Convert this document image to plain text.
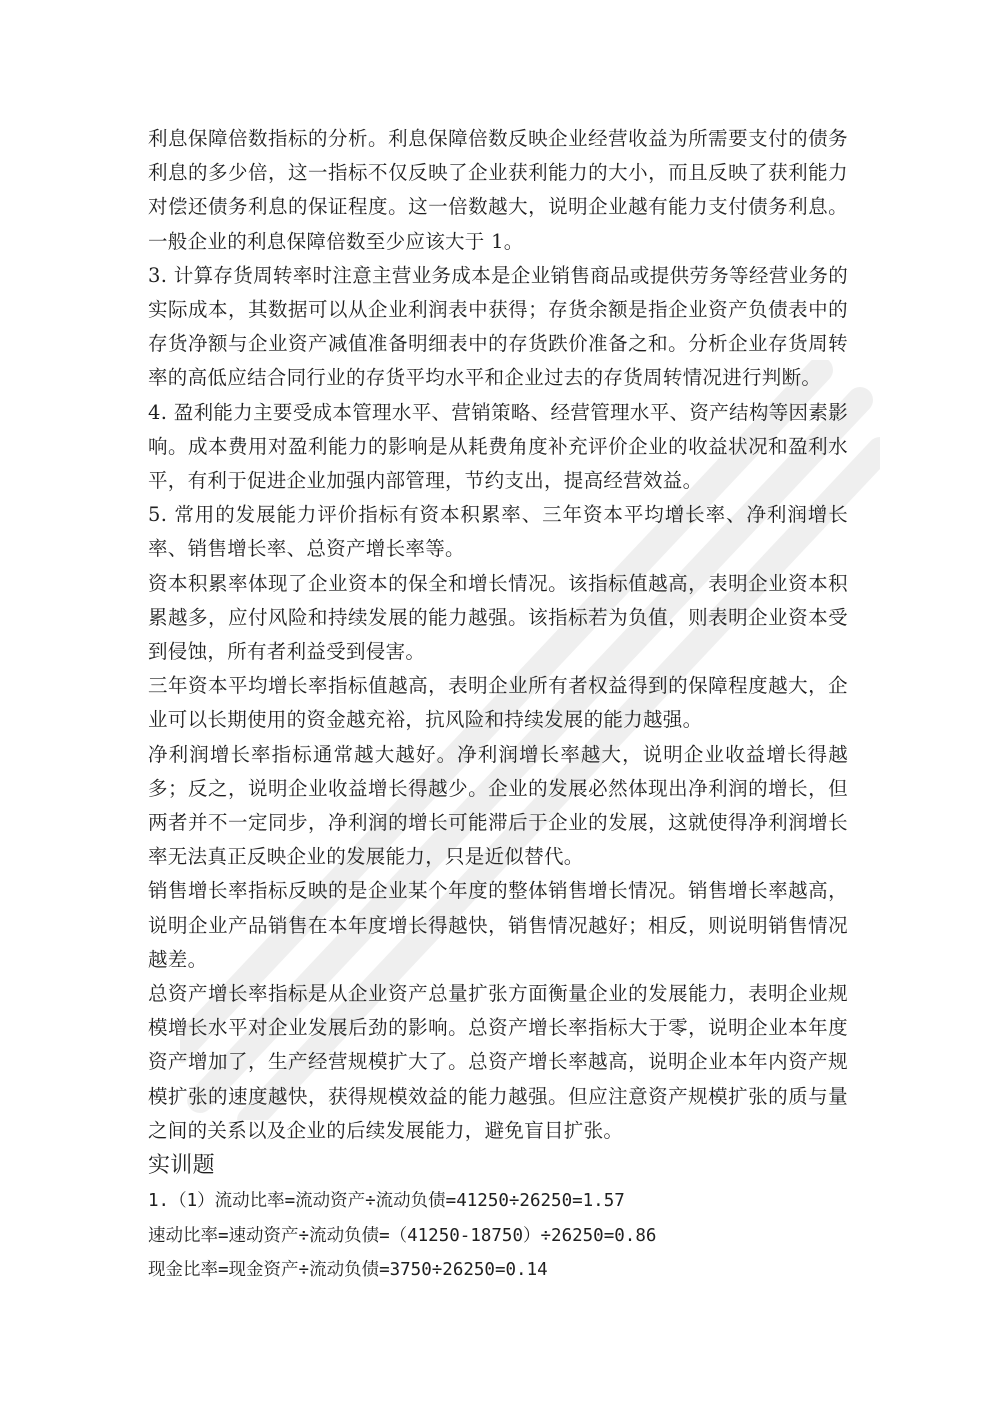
利息保障倍数指标的分析。利息保障倍数反映企业经营收益为所需要支付的债务利息的多少倍，这一指标不仅反映了企业获利能力的大小，而且反映了获利能力对偿还债务利息的保证程度。这一倍数越大，说明企业越有能力支付债务利息。一般企业的利息保障倍数至少应该大于 1。

3. 计算存货周转率时注意主营业务成本是企业销售商品或提供劳务等经营业务的实际成本，其数据可以从企业利润表中获得；存货余额是指企业资产负债表中的存货净额与企业资产减值准备明细表中的存货跌价准备之和。分析企业存货周转率的高低应结合同行业的存货平均水平和企业过去的存货周转情况进行判断。

4. 盈利能力主要受成本管理水平、营销策略、经营管理水平、资产结构等因素影响。成本费用对盈利能力的影响是从耗费角度补充评价企业的收益状况和盈利水平，有利于促进企业加强内部管理，节约支出，提高经营效益。

5. 常用的发展能力评价指标有资本积累率、三年资本平均增长率、净利润增长率、销售增长率、总资产增长率等。

资本积累率体现了企业资本的保全和增长情况。该指标值越高，表明企业资本积累越多，应付风险和持续发展的能力越强。该指标若为负值，则表明企业资本受到侵蚀，所有者利益受到侵害。

三年资本平均增长率指标值越高，表明企业所有者权益得到的保障程度越大，企业可以长期使用的资金越充裕，抗风险和持续发展的能力越强。

净利润增长率指标通常越大越好。净利润增长率越大，说明企业收益增长得越多；反之，说明企业收益增长得越少。企业的发展必然体现出净利润的增长，但两者并不一定同步，净利润的增长可能滞后于企业的发展，这就使得净利润增长率无法真正反映企业的发展能力，只是近似替代。

销售增长率指标反映的是企业某个年度的整体销售增长情况。销售增长率越高，说明企业产品销售在本年度增长得越快，销售情况越好；相反，则说明销售情况越差。

总资产增长率指标是从企业资产总量扩张方面衡量企业的发展能力，表明企业规模增长水平对企业发展后劲的影响。总资产增长率指标大于零，说明企业本年度资产增加了，生产经营规模扩大了。总资产增长率越高，说明企业本年内资产规模扩张的速度越快，获得规模效益的能力越强。但应注意资产规模扩张的质与量之间的关系以及企业的后续发展能力，避免盲目扩张。

实训题

1.（1）流动比率=流动资产÷流动负债=41250÷26250=1.57

速动比率=速动资产÷流动负债=（41250-18750）÷26250=0.86

现金比率=现金资产÷流动负债=3750÷26250=0.14
